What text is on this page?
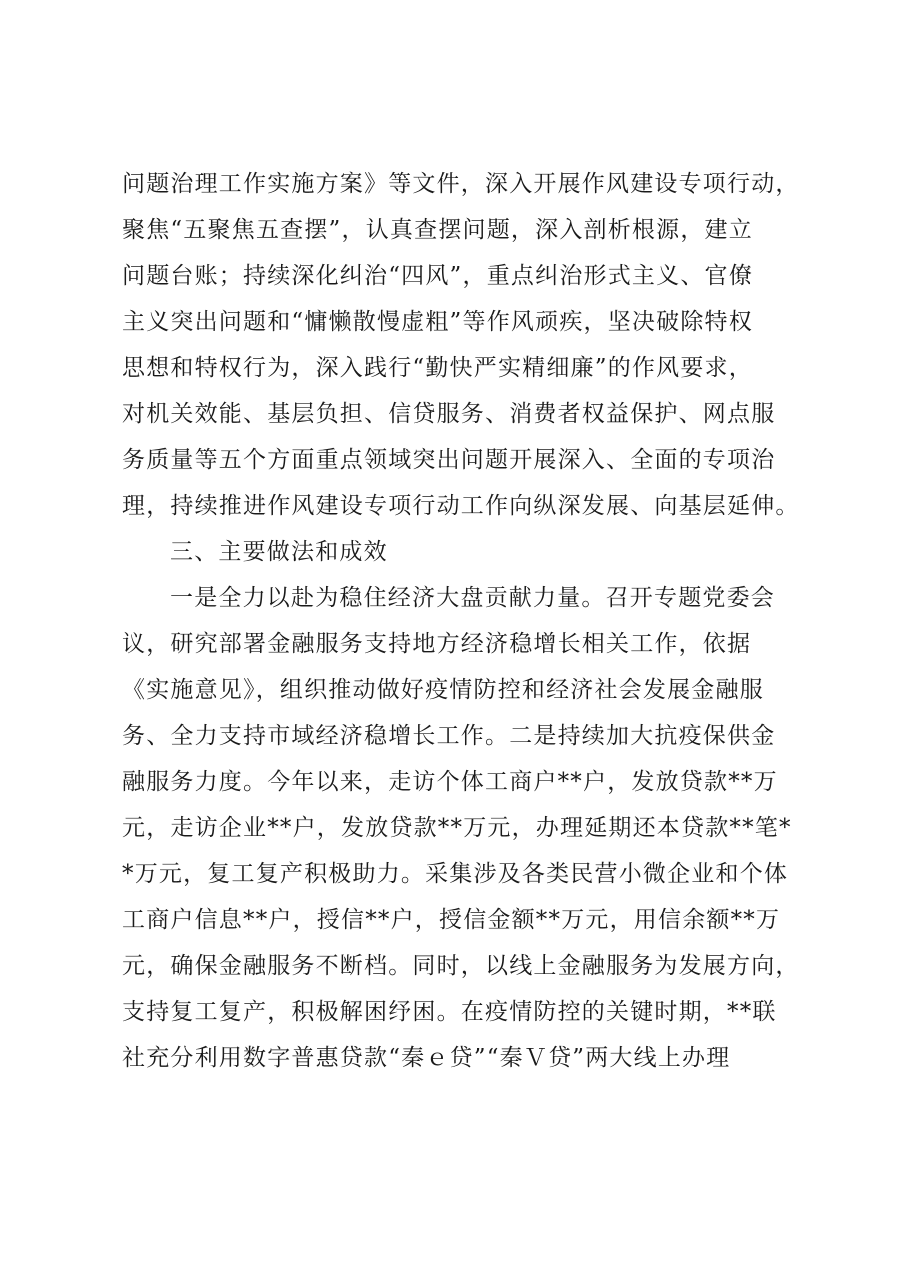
问题治理工作实施方案》等文件，深入开展作风建设专项行动，
聚焦“五聚焦五查摆”，认真查摆问题，深入剖析根源，建立
问题台账；持续深化纠治“四风”，重点纠治形式主义、官僚
主义突出问题和“慵懒散慢虚粗”等作风顽疾，坚决破除特权
思想和特权行为，深入践行“勤快严实精细廉”的作风要求，
对机关效能、基层负担、信贷服务、消费者权益保护、网点服
务质量等五个方面重点领域突出问题开展深入、全面的专项治
理，持续推进作风建设专项行动工作向纵深发展、向基层延伸。
三、主要做法和成效
一是全力以赴为稳住经济大盘贡献力量。召开专题党委会
议，研究部署金融服务支持地方经济稳增长相关工作，依据
《实施意见》，组织推动做好疫情防控和经济社会发展金融服
务、全力支持市域经济稳增长工作。二是持续加大抗疫保供金
融服务力度。今年以来，走访个体工商户**户，发放贷款**万
元，走访企业**户，发放贷款**万元，办理延期还本贷款**笔*
*万元，复工复产积极助力。采集涉及各类民营小微企业和个体
工商户信息**户，授信**户，授信金额**万元，用信余额**万
元，确保金融服务不断档。同时，以线上金融服务为发展方向，
支持复工复产，积极解困纾困。在疫情防控的关键时期，**联
社充分利用数字普惠贷款“秦ｅ贷”“秦Ｖ贷”两大线上办理
